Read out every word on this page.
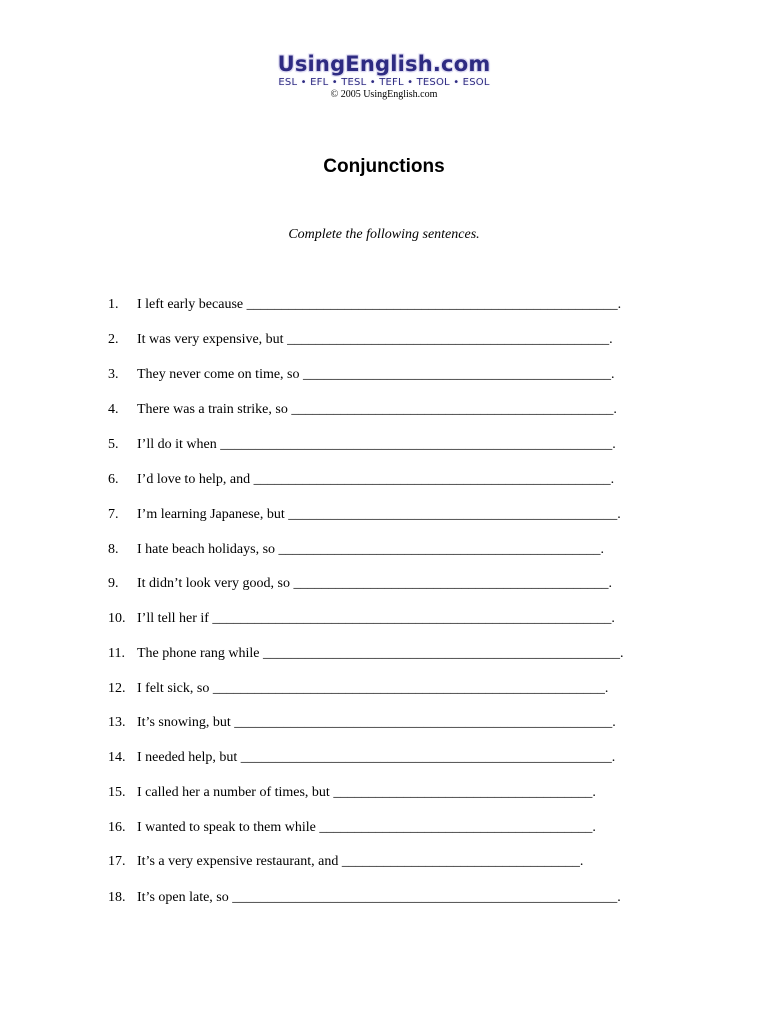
UsingEnglish.com
ESL • EFL • TESL • TEFL • TESOL • ESOL
© 2005 UsingEnglish.com
Conjunctions
Complete the following sentences.
1. I left early because _____________________________________________________.
2. It was very expensive, but ______________________________________________.
3. They never come on time, so ____________________________________________.
4. There was a train strike, so ______________________________________________.
5. I’ll do it when ________________________________________________________.
6. I’d love to help, and ___________________________________________________.
7. I’m learning Japanese, but _______________________________________________.
8. I hate beach holidays, so ______________________________________________.
9. It didn’t look very good, so _____________________________________________.
10. I’ll tell her if _________________________________________________________.
11. The phone rang while ___________________________________________________.
12. I felt sick, so ________________________________________________________.
13. It’s snowing, but ______________________________________________________.
14. I needed help, but _____________________________________________________.
15. I called her a number of times, but _____________________________________.
16. I wanted to speak to them while _______________________________________.
17. It’s a very expensive restaurant, and __________________________________.
18. It’s open late, so _______________________________________________________.
